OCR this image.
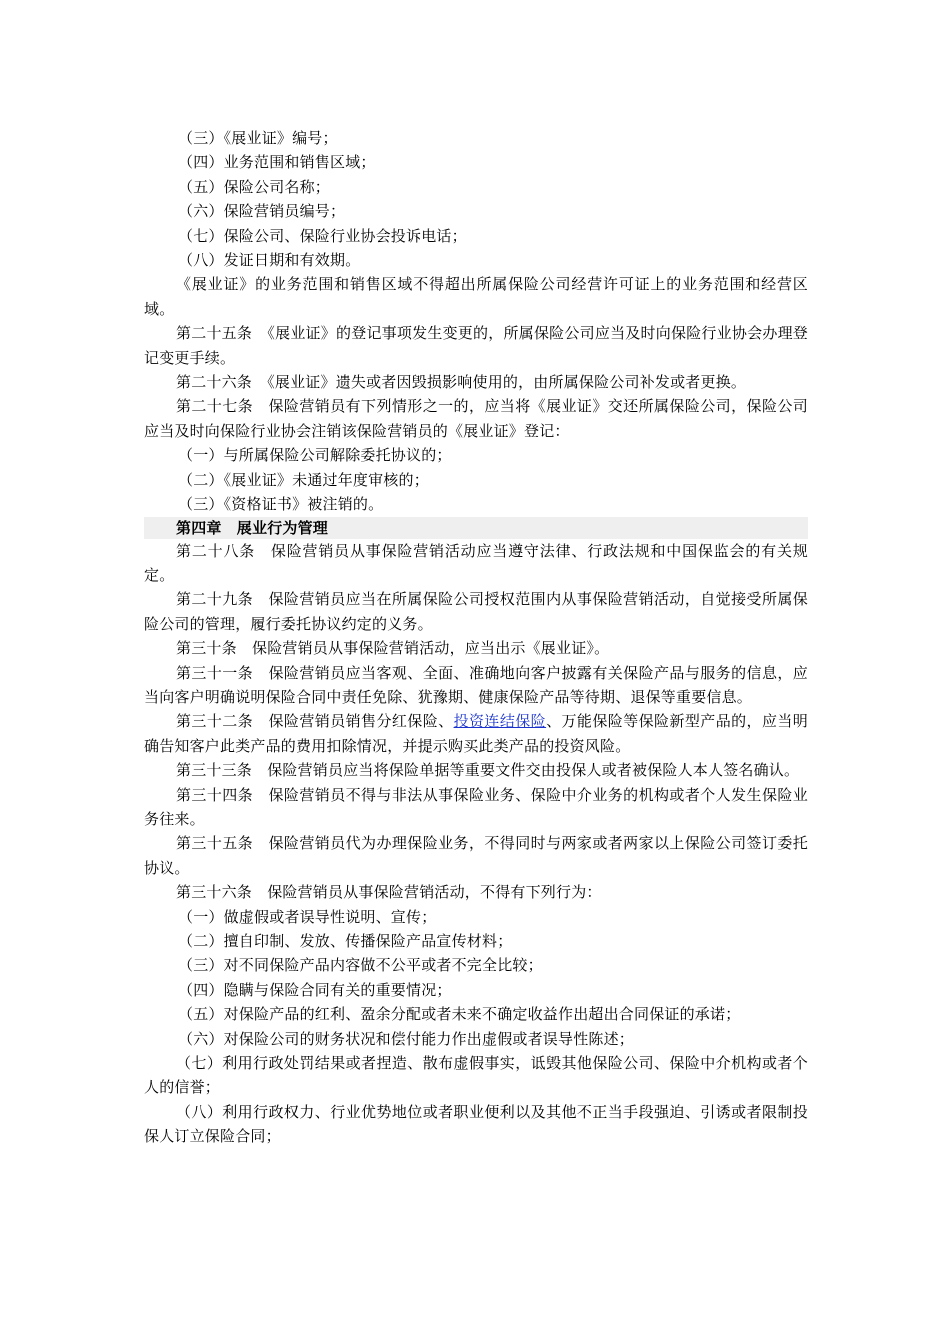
（三）《展业证》编号；

（四）业务范围和销售区域；

（五）保险公司名称；

（六）保险营销员编号；

（七）保险公司、保险行业协会投诉电话；

（八）发证日期和有效期。

《展业证》的业务范围和销售区域不得超出所属保险公司经营许可证上的业务范围和经营区域。

第二十五条　《展业证》的登记事项发生变更的，所属保险公司应当及时向保险行业协会办理登记变更手续。

第二十六条　《展业证》遗失或者因毁损影响使用的，由所属保险公司补发或者更换。

第二十七条　保险营销员有下列情形之一的，应当将《展业证》交还所属保险公司，保险公司应当及时向保险行业协会注销该保险营销员的《展业证》登记：

（一）与所属保险公司解除委托协议的；

（二）《展业证》未通过年度审核的；

（三）《资格证书》被注销的。

第四章　展业行为管理

第二十八条　保险营销员从事保险营销活动应当遵守法律、行政法规和中国保监会的有关规定。

第二十九条　保险营销员应当在所属保险公司授权范围内从事保险营销活动，自觉接受所属保险公司的管理，履行委托协议约定的义务。

第三十条　保险营销员从事保险营销活动，应当出示《展业证》。

第三十一条　保险营销员应当客观、全面、准确地向客户披露有关保险产品与服务的信息，应当向客户明确说明保险合同中责任免除、犹豫期、健康保险产品等待期、退保等重要信息。

第三十二条　保险营销员销售分红保险、投资连结保险、万能保险等保险新型产品的，应当明确告知客户此类产品的费用扣除情况，并提示购买此类产品的投资风险。

第三十三条　保险营销员应当将保险单据等重要文件交由投保人或者被保险人本人签名确认。

第三十四条　保险营销员不得与非法从事保险业务、保险中介业务的机构或者个人发生保险业务往来。

第三十五条　保险营销员代为办理保险业务，不得同时与两家或者两家以上保险公司签订委托协议。

第三十六条　保险营销员从事保险营销活动，不得有下列行为：

（一）做虚假或者误导性说明、宣传；

（二）擅自印制、发放、传播保险产品宣传材料；

（三）对不同保险产品内容做不公平或者不完全比较；

（四）隐瞒与保险合同有关的重要情况；

（五）对保险产品的红利、盈余分配或者未来不确定收益作出超出合同保证的承诺；

（六）对保险公司的财务状况和偿付能力作出虚假或者误导性陈述；

（七）利用行政处罚结果或者捏造、散布虚假事实，诋毁其他保险公司、保险中介机构或者个人的信誉；

（八）利用行政权力、行业优势地位或者职业便利以及其他不正当手段强迫、引诱或者限制投保人订立保险合同；
